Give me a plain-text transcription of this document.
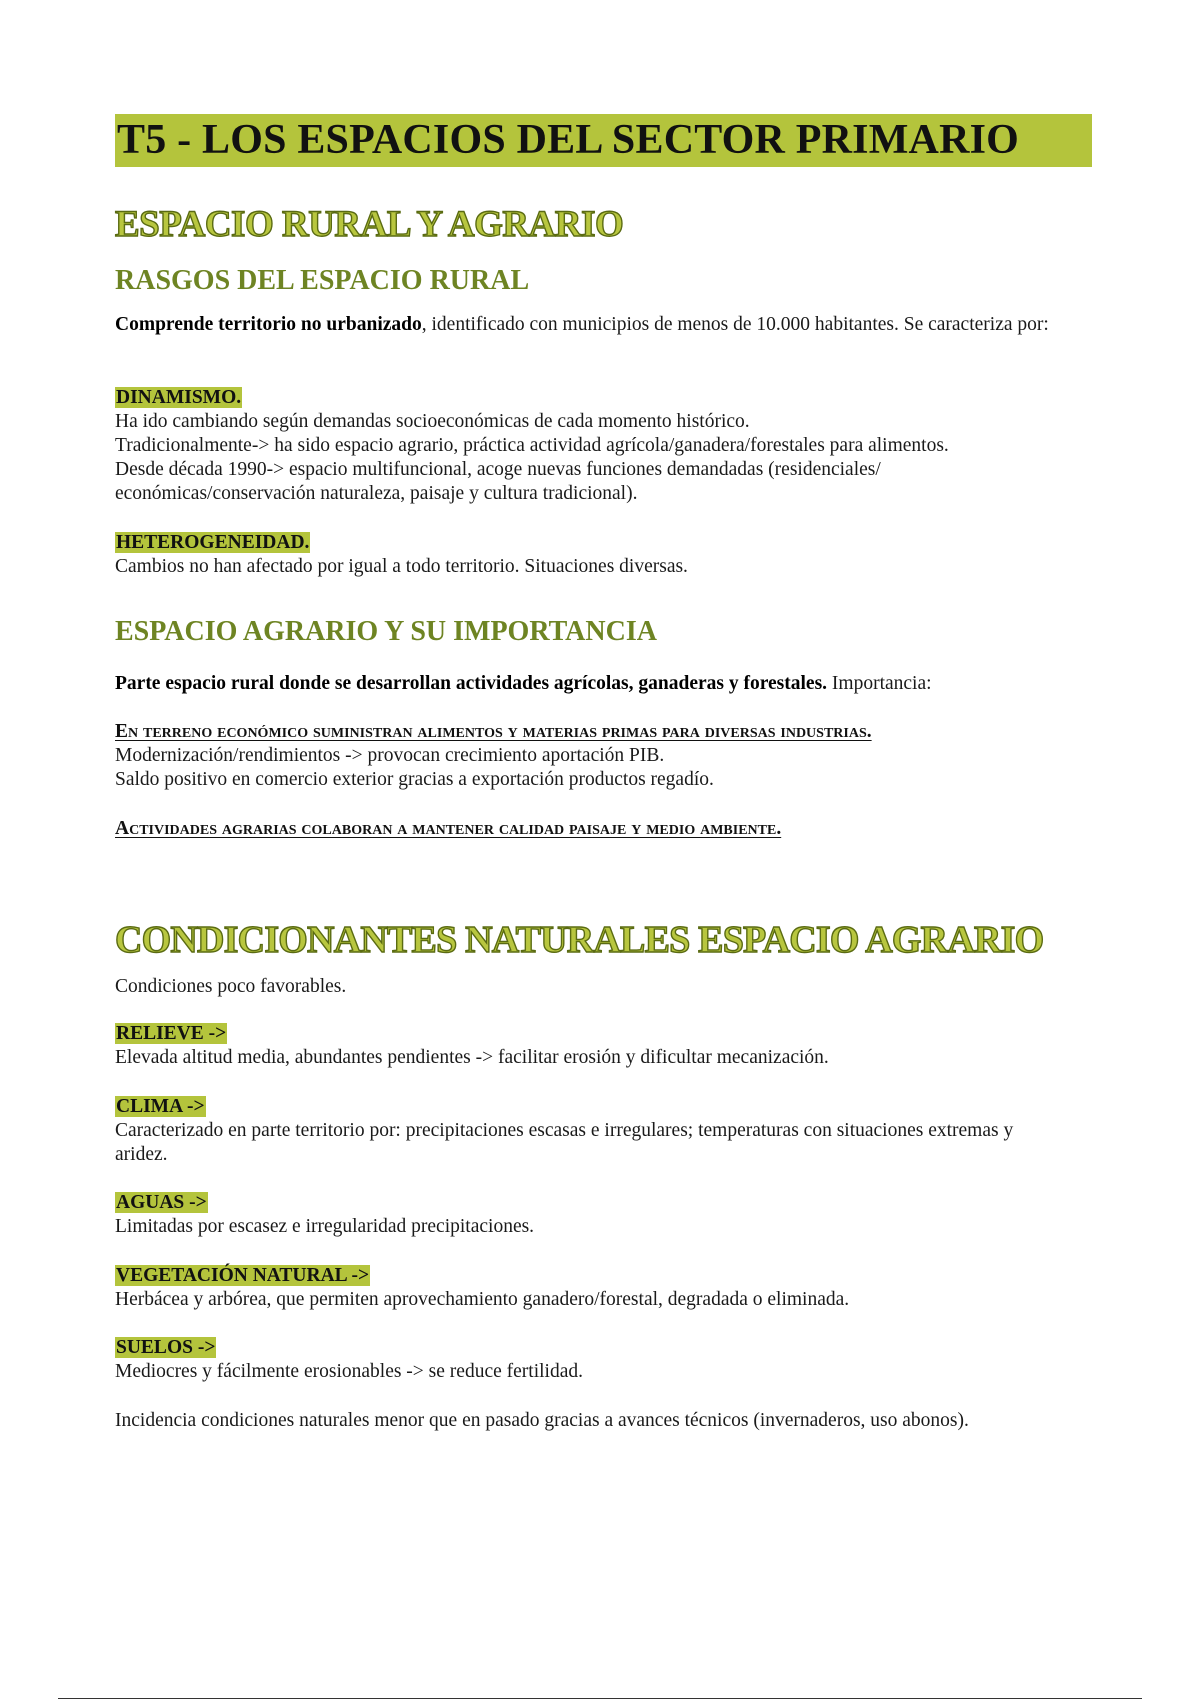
T5 - LOS ESPACIOS DEL SECTOR PRIMARIO
ESPACIO RURAL Y AGRARIO
RASGOS DEL ESPACIO RURAL

Comprende territorio no urbanizado, identificado con municipios de menos de 10.000 habitantes. Se caracteriza por:

DINAMISMO.

Ha ido cambiando según demandas socioeconómicas de cada momento histórico.

Tradicionalmente-> ha sido espacio agrario, práctica actividad agrícola/ganadera/forestales para alimentos.

Desde década 1990-> espacio multifuncional, acoge nuevas funciones demandadas (residenciales/ económicas/conservación naturaleza, paisaje y cultura tradicional).

HETEROGENEIDAD.

Cambios no han afectado por igual a todo territorio. Situaciones diversas.

ESPACIO AGRARIO Y SU IMPORTANCIA

Parte espacio rural donde se desarrollan actividades agrícolas, ganaderas y forestales. Importancia:

En terreno económico suministran alimentos y materias primas para diversas industrias.

Modernización/rendimientos -> provocan crecimiento aportación PIB.

Saldo positivo en comercio exterior gracias a exportación productos regadío.

Actividades agrarias colaboran a mantener calidad paisaje y medio ambiente.
CONDICIONANTES NATURALES ESPACIO AGRARIO

Condiciones poco favorables.

RELIEVE ->

Elevada altitud media, abundantes pendientes -> facilitar erosión y dificultar mecanización.

CLIMA ->

Caracterizado en parte territorio por: precipitaciones escasas e irregulares; temperaturas con situaciones extremas y aridez.

AGUAS ->

Limitadas por escasez e irregularidad precipitaciones.

VEGETACIÓN NATURAL ->

Herbácea y arbórea, que permiten aprovechamiento ganadero/forestal, degradada o eliminada.

SUELOS ->

Mediocres y fácilmente erosionables -> se reduce fertilidad.

Incidencia condiciones naturales menor que en pasado gracias a avances técnicos (invernaderos, uso abonos).
